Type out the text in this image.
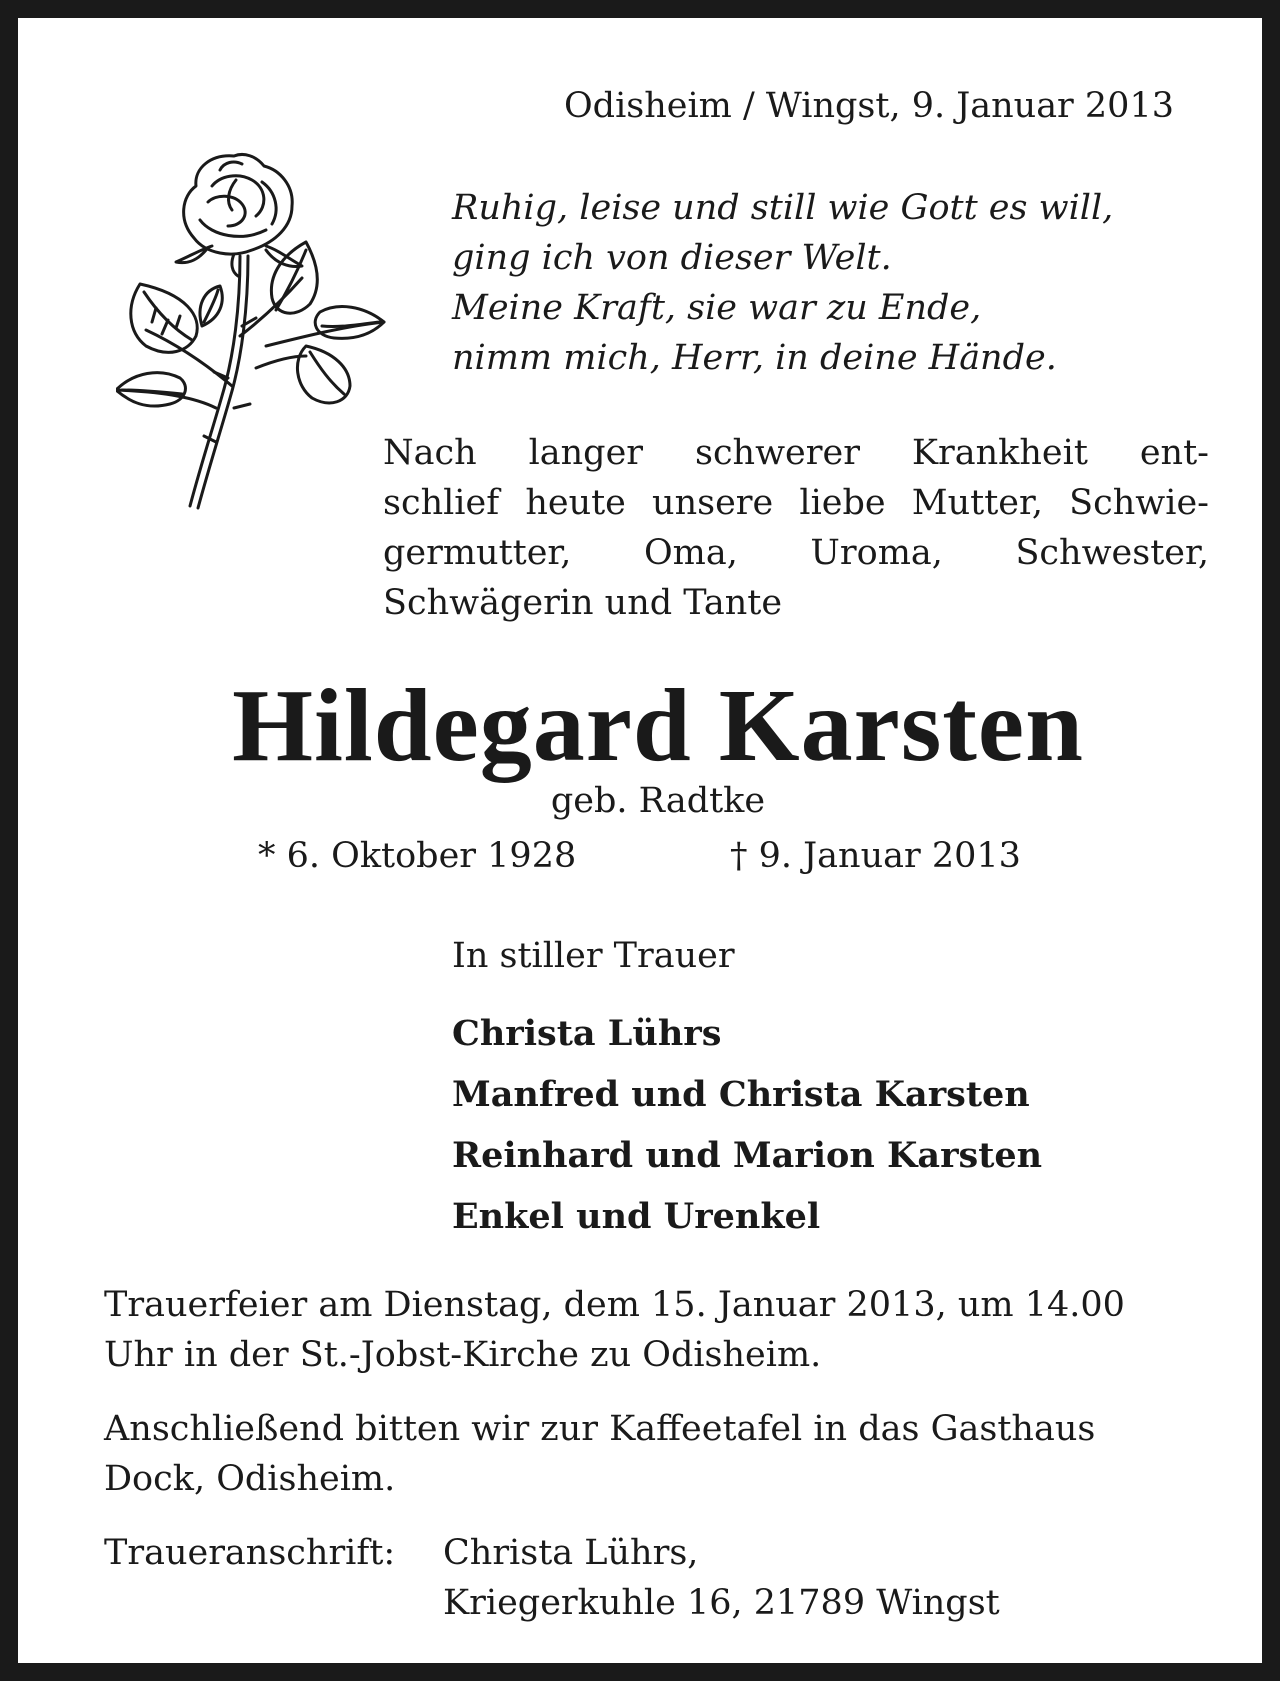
Odisheim / Wingst, 9. Januar 2013
Ruhig, leise und still wie Gott es will,
ging ich von dieser Welt.
Meine Kraft, sie war zu Ende,
nimm mich, Herr, in deine Hände.
Nach langer schwerer Krankheit ent-
schlief heute unsere liebe Mutter, Schwie-
germutter, Oma, Uroma, Schwester,
Schwägerin und Tante
Hildegard Karsten
geb. Radtke
* 6. Oktober 1928	† 9. Januar 2013
In stiller Trauer
Christa Lührs
Manfred und Christa Karsten
Reinhard und Marion Karsten
Enkel und Urenkel
Trauerfeier am Dienstag, dem 15. Januar 2013, um 14.00
Uhr in der St.-Jobst-Kirche zu Odisheim.
Anschließend bitten wir zur Kaffeetafel in das Gasthaus
Dock, Odisheim.
Traueranschrift: Christa Lührs,
Kriegerkuhle 16, 21789 Wingst
